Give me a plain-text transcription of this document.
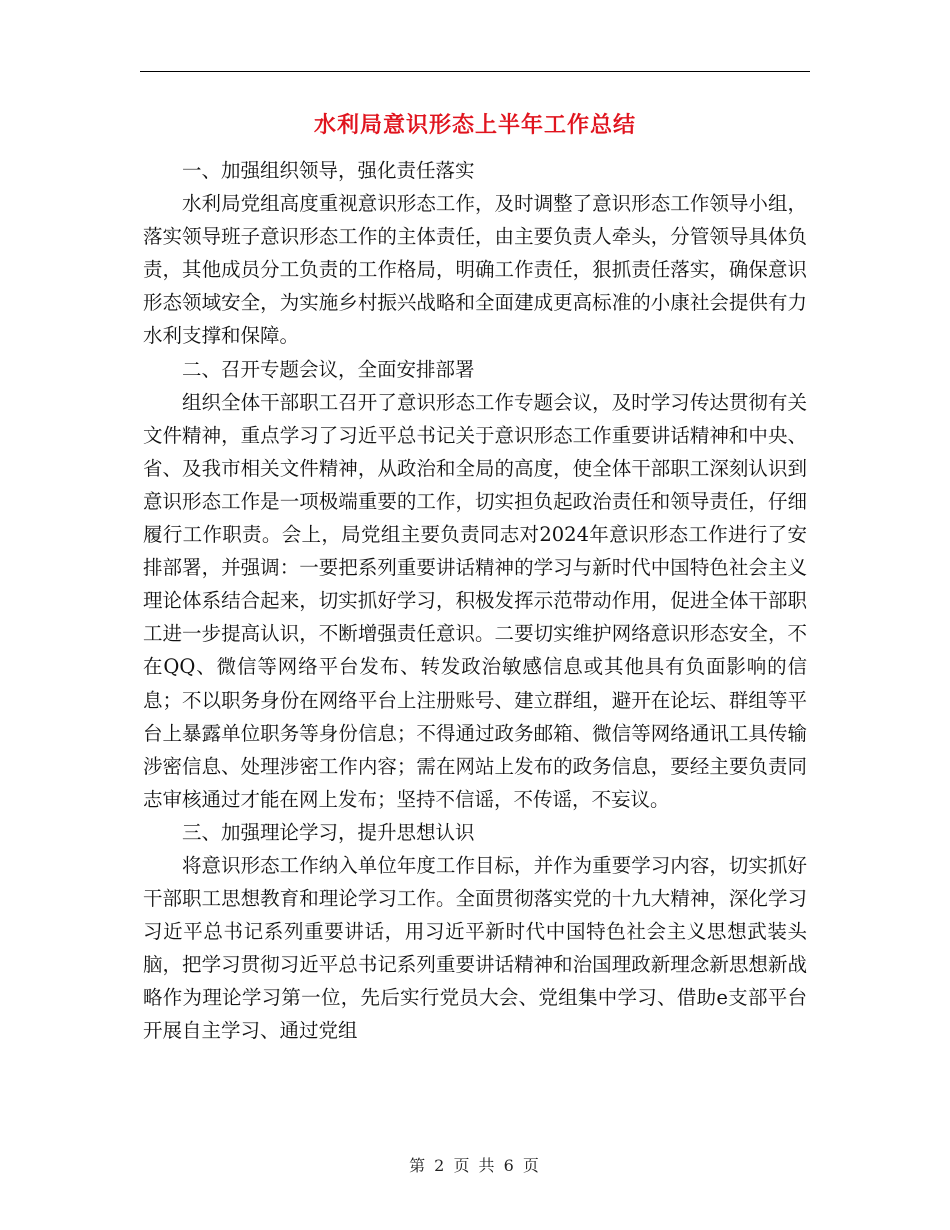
水利局意识形态上半年工作总结

一、加强组织领导，强化责任落实

水利局党组高度重视意识形态工作，及时调整了意识形态工作领导小组，落实领导班子意识形态工作的主体责任，由主要负责人牵头，分管领导具体负责，其他成员分工负责的工作格局，明确工作责任，狠抓责任落实，确保意识形态领域安全，为实施乡村振兴战略和全面建成更高标准的小康社会提供有力水利支撑和保障。

二、召开专题会议，全面安排部署

组织全体干部职工召开了意识形态工作专题会议，及时学习传达贯彻有关文件精神，重点学习了习近平总书记关于意识形态工作重要讲话精神和中央、省、及我市相关文件精神，从政治和全局的高度，使全体干部职工深刻认识到意识形态工作是一项极端重要的工作，切实担负起政治责任和领导责任，仔细履行工作职责。会上，局党组主要负责同志对2024年意识形态工作进行了安排部署，并强调：一要把系列重要讲话精神的学习与新时代中国特色社会主义理论体系结合起来，切实抓好学习，积极发挥示范带动作用，促进全体干部职工进一步提高认识，不断增强责任意识。二要切实维护网络意识形态安全，不在QQ、微信等网络平台发布、转发政治敏感信息或其他具有负面影响的信息；不以职务身份在网络平台上注册账号、建立群组，避开在论坛、群组等平台上暴露单位职务等身份信息；不得通过政务邮箱、微信等网络通讯工具传输涉密信息、处理涉密工作内容；需在网站上发布的政务信息，要经主要负责同志审核通过才能在网上发布；坚持不信谣，不传谣，不妄议。

三、加强理论学习，提升思想认识

将意识形态工作纳入单位年度工作目标，并作为重要学习内容，切实抓好干部职工思想教育和理论学习工作。全面贯彻落实党的十九大精神，深化学习习近平总书记系列重要讲话，用习近平新时代中国特色社会主义思想武装头脑，把学习贯彻习近平总书记系列重要讲话精神和治国理政新理念新思想新战略作为理论学习第一位，先后实行党员大会、党组集中学习、借助e支部平台开展自主学习、通过党组

第 2 页 共 6 页
